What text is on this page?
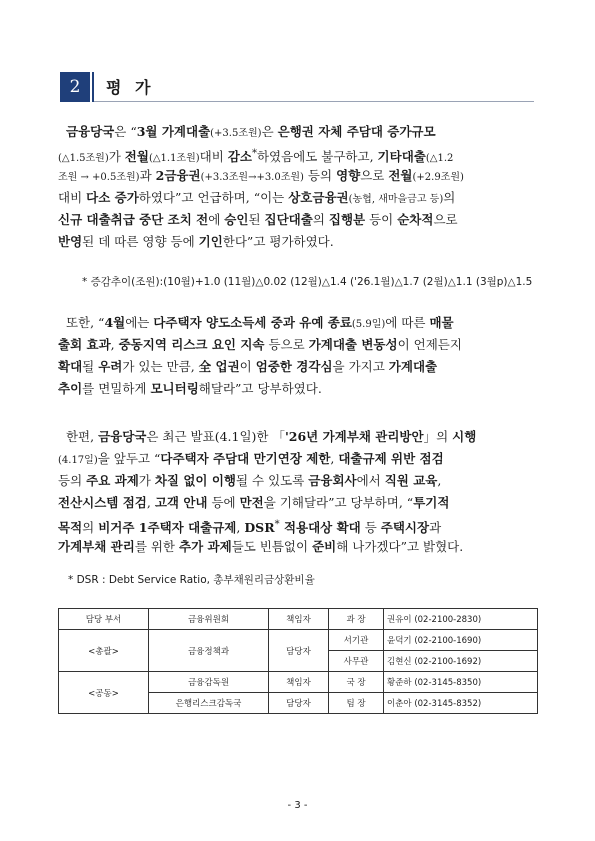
2	평 가
금융당국은 “3월 가계대출(+3.5조원)은 은행권 자체 주담대 증가규모
(△1.5조원)가 전월(△1.1조원)대비 감소*하였음에도 불구하고, 기타대출(△1.2
조원 → +0.5조원)과 2금융권(+3.3조원→+3.0조원) 등의 영향으로 전월(+2.9조원)
대비 다소 증가하였다”고 언급하며, “이는 상호금융권(농협, 새마을금고 등)의
신규 대출취급 중단 조치 전에 승인된 집단대출의 집행분 등이 순차적으로
반영된 데 따른 영향 등에 기인한다”고 평가하였다.
* 증감추이(조원):(10월)+1.0 (11월)△0.02 (12월)△1.4 ('26.1월)△1.7 (2월)△1.1 (3월p)△1.5
또한, “4월에는 다주택자 양도소득세 중과 유예 종료(5.9일)에 따른 매물
출회 효과, 중동지역 리스크 요인 지속 등으로 가계대출 변동성이 언제든지
확대될 우려가 있는 만큼, 全 업권이 엄중한 경각심을 가지고 가계대출
추이를 면밀하게 모니터링해달라”고 당부하였다.
한편, 금융당국은 최근 발표(4.1일)한 「'26년 가계부채 관리방안」의 시행
(4.17일)을 앞두고 “다주택자 주담대 만기연장 제한, 대출규제 위반 점검
등의 주요 과제가 차질 없이 이행될 수 있도록 금융회사에서 직원 교육,
전산시스템 점검, 고객 안내 등에 만전을 기해달라”고 당부하며, “투기적
목적의 비거주 1주택자 대출규제, DSR* 적용대상 확대 등 주택시장과
가계부채 관리를 위한 추가 과제들도 빈틈없이 준비해 나가겠다”고 밝혔다.
* DSR : Debt Service Ratio, 총부채원리금상환비율
담당 부서	금융위원회	책임자	과 장	권유이 (02-2100-2830)
<총괄>	금융정책과	담당자	서기관	윤덕기 (02-2100-1690)
			사무관	김현신 (02-2100-1692)
<공동>	금융감독원	책임자	국 장	황준하 (02-3145-8350)
	은행리스크감독국	담당자	팀 장	이춘아 (02-3145-8352)
- 3 -
